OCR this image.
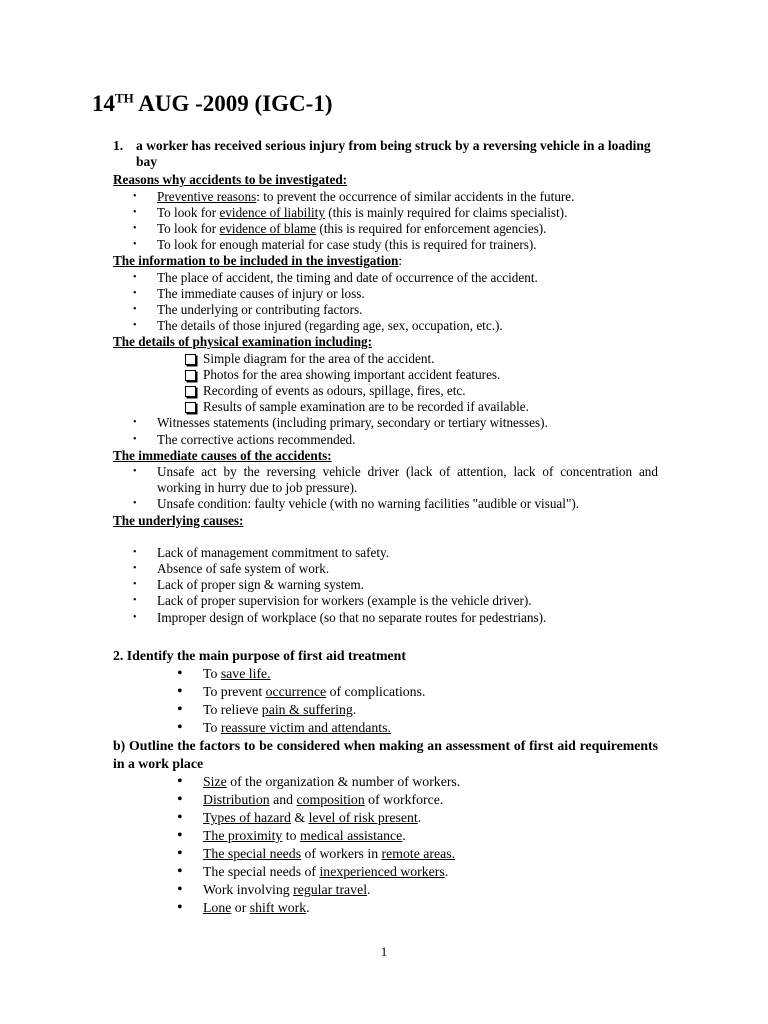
14TH AUG -2009 (IGC-1)
1. a worker has received serious injury from being struck by a reversing vehicle in a loading bay
Reasons why accidents to be investigated:
• Preventive reasons: to prevent the occurrence of similar accidents in the future.
• To look for evidence of liability (this is mainly required for claims specialist).
• To look for evidence of blame (this is required for enforcement agencies).
• To look for enough material for case study (this is required for trainers).
The information to be included in the investigation:
• The place of accident, the timing and date of occurrence of the accident.
• The immediate causes of injury or loss.
• The underlying or contributing factors.
• The details of those injured (regarding age, sex, occupation, etc.).
The details of physical examination including:
Simple diagram for the area of the accident.
Photos for the area showing important accident features.
Recording of events as odours, spillage, fires, etc.
Results of sample examination are to be recorded if available.
• Witnesses statements (including primary, secondary or tertiary witnesses).
• The corrective actions recommended.
The immediate causes of the accidents:
• Unsafe act by the reversing vehicle driver (lack of attention, lack of concentration and working in hurry due to job pressure).
• Unsafe condition: faulty vehicle (with no warning facilities "audible or visual").
The underlying causes:
• Lack of management commitment to safety.
• Absence of safe system of work.
• Lack of proper sign & warning system.
• Lack of proper supervision for workers (example is the vehicle driver).
• Improper design of workplace (so that no separate routes for pedestrians).
2. Identify the main purpose of first aid treatment
• To save life.
• To prevent occurrence of complications.
• To relieve pain & suffering.
• To reassure victim and attendants.
b) Outline the factors to be considered when making an assessment of first aid requirements in a work place
• Size of the organization & number of workers.
• Distribution and composition of workforce.
• Types of hazard & level of risk present.
• The proximity to medical assistance.
• The special needs of workers in remote areas.
• The special needs of inexperienced workers.
• Work involving regular travel.
• Lone or shift work.
1
